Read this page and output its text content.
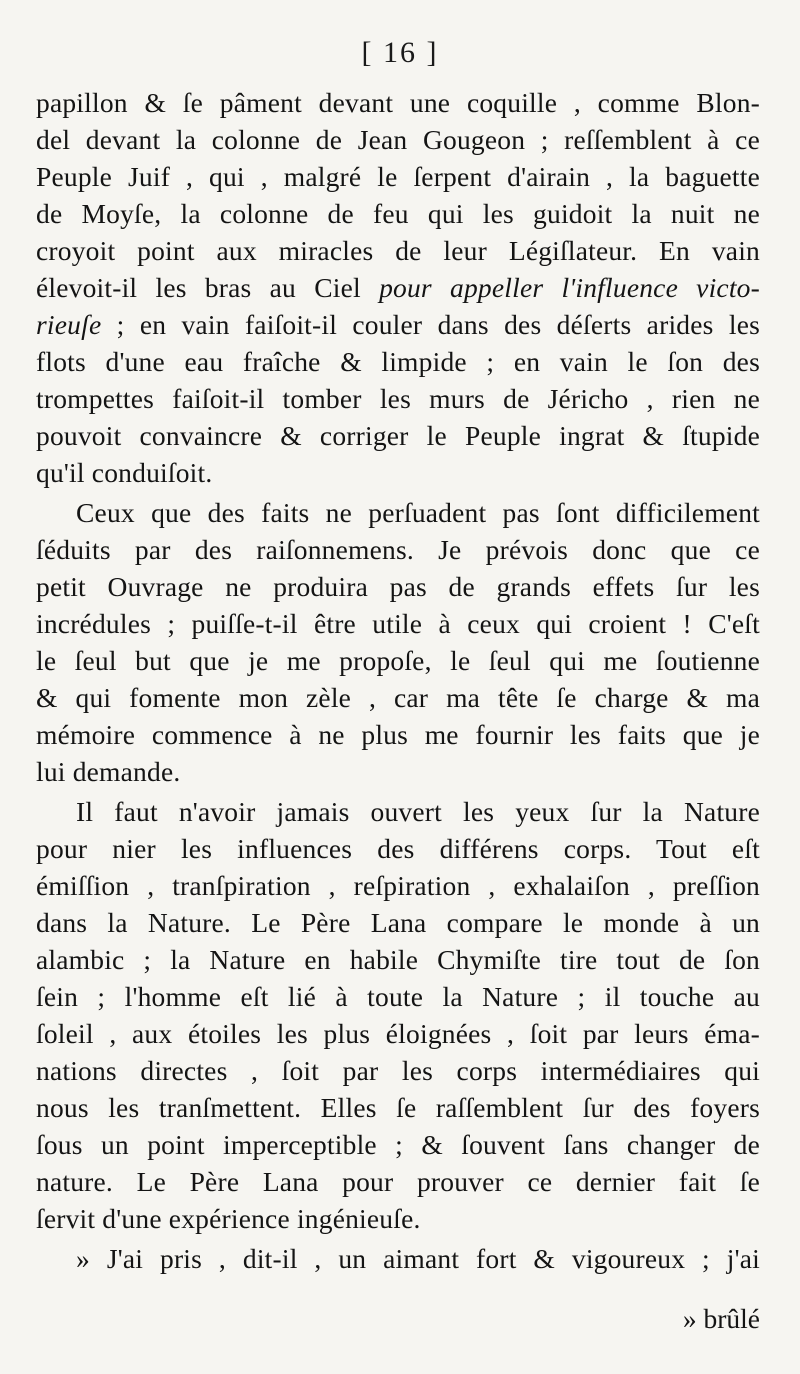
[ 16 ]
papillon & ſe pâment devant une coquille , comme Blon-
del devant la colonne de Jean Gougeon ; reſſemblent à ce
Peuple Juif , qui , malgré le ſerpent d'airain , la baguette
de Moyſe, la colonne de feu qui les guidoit la nuit ne
croyoit point aux miracles de leur Légiſlateur. En vain
élevoit-il les bras au Ciel pour appeller l'influence victo-
rieuſe ; en vain faiſoit-il couler dans des déſerts arides les
flots d'une eau fraîche & limpide ; en vain le ſon des
trompettes faiſoit-il tomber les murs de Jéricho , rien ne
pouvoit convaincre & corriger le Peuple ingrat & ſtupide
qu'il conduiſoit.
Ceux que des faits ne perſuadent pas ſont difficilement
ſéduits par des raiſonnemens. Je prévois donc que ce
petit Ouvrage ne produira pas de grands effets ſur les
incrédules ; puiſſe-t-il être utile à ceux qui croient ! C'eſt
le ſeul but que je me propoſe, le ſeul qui me ſoutienne
& qui fomente mon zèle , car ma tête ſe charge & ma
mémoire commence à ne plus me fournir les faits que je
lui demande.
Il faut n'avoir jamais ouvert les yeux ſur la Nature
pour nier les influences des différens corps. Tout eſt
émiſſion , tranſpiration , reſpiration , exhalaiſon , preſſion
dans la Nature. Le Père Lana compare le monde à un
alambic ; la Nature en habile Chymiſte tire tout de ſon
ſein ; l'homme eſt lié à toute la Nature ; il touche au
ſoleil , aux étoiles les plus éloignées , ſoit par leurs éma-
nations directes , ſoit par les corps intermédiaires qui
nous les tranſmettent. Elles ſe raſſemblent ſur des foyers
ſous un point imperceptible ; & ſouvent ſans changer de
nature. Le Père Lana pour prouver ce dernier fait ſe
ſervit d'une expérience ingénieuſe.
» J'ai pris , dit-il , un aimant fort & vigoureux ; j'ai
» brûlé
